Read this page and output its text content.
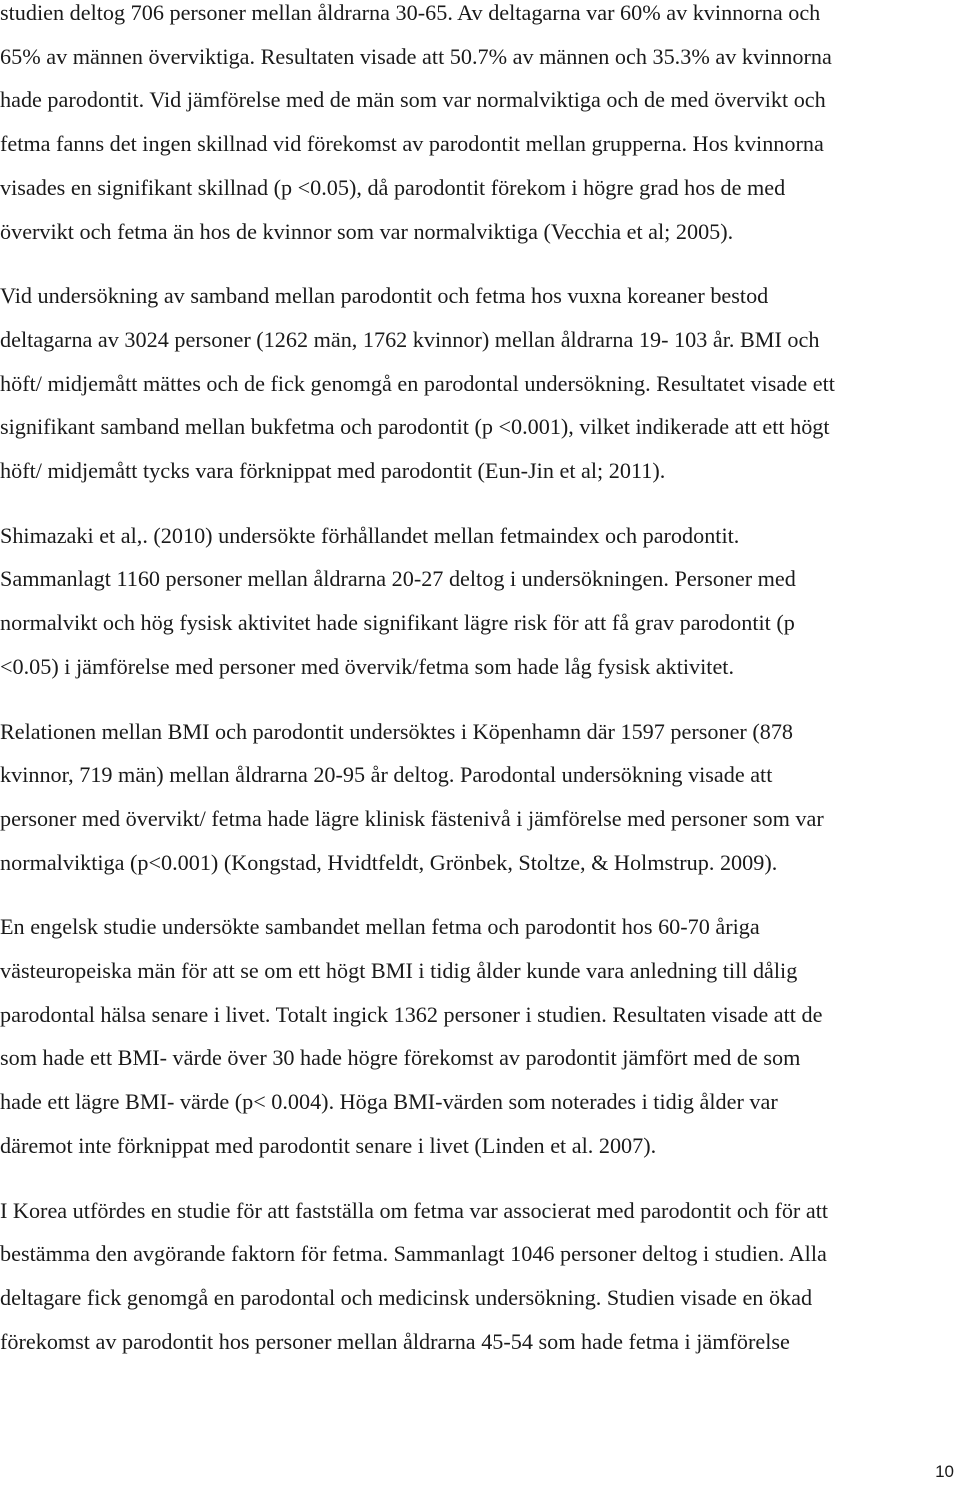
studien deltog 706 personer mellan åldrarna 30-65. Av deltagarna var 60% av kvinnorna och
65% av männen överviktiga. Resultaten visade att 50.7% av männen och 35.3% av kvinnorna
hade parodontit. Vid jämförelse med de män som var normalviktiga och de med övervikt och
fetma fanns det ingen skillnad vid förekomst av parodontit mellan grupperna. Hos kvinnorna
visades en signifikant skillnad (p <0.05), då parodontit förekom i högre grad hos de med
övervikt och fetma än hos de kvinnor som var normalviktiga (Vecchia et al; 2005).

Vid undersökning av samband mellan parodontit och fetma hos vuxna koreaner bestod
deltagarna av 3024 personer (1262 män, 1762 kvinnor) mellan åldrarna 19- 103 år. BMI och
höft/ midjemått mättes och de fick genomgå en parodontal undersökning. Resultatet visade ett
signifikant samband mellan bukfetma och parodontit (p <0.001), vilket indikerade att ett högt
höft/ midjemått tycks vara förknippat med parodontit (Eun-Jin et al; 2011).

Shimazaki et al,. (2010) undersökte förhållandet mellan fetmaindex och parodontit.
Sammanlagt 1160 personer mellan åldrarna 20-27 deltog i undersökningen. Personer med
normalvikt och hög fysisk aktivitet hade signifikant lägre risk för att få grav parodontit (p
<0.05) i jämförelse med personer med övervik/fetma som hade låg fysisk aktivitet.

Relationen mellan BMI och parodontit undersöktes i Köpenhamn där 1597 personer (878
kvinnor, 719 män) mellan åldrarna 20-95 år deltog. Parodontal undersökning visade att
personer med övervikt/ fetma hade lägre klinisk fästenivå i jämförelse med personer som var
normalviktiga (p<0.001) (Kongstad, Hvidtfeldt, Grönbek, Stoltze, & Holmstrup. 2009).

En engelsk studie undersökte sambandet mellan fetma och parodontit hos 60-70 åriga
västeuropeiska män för att se om ett högt BMI i tidig ålder kunde vara anledning till dålig
parodontal hälsa senare i livet. Totalt ingick 1362 personer i studien. Resultaten visade att de
som hade ett BMI- värde över 30 hade högre förekomst av parodontit jämfört med de som
hade ett lägre BMI- värde (p< 0.004). Höga BMI-värden som noterades i tidig ålder var
däremot inte förknippat med parodontit senare i livet (Linden et al. 2007).

I Korea utfördes en studie för att fastställa om fetma var associerat med parodontit och för att
bestämma den avgörande faktorn för fetma. Sammanlagt 1046 personer deltog i studien. Alla
deltagare fick genomgå en parodontal och medicinsk undersökning. Studien visade en ökad
förekomst av parodontit hos personer mellan åldrarna 45-54 som hade fetma i jämförelse

10
